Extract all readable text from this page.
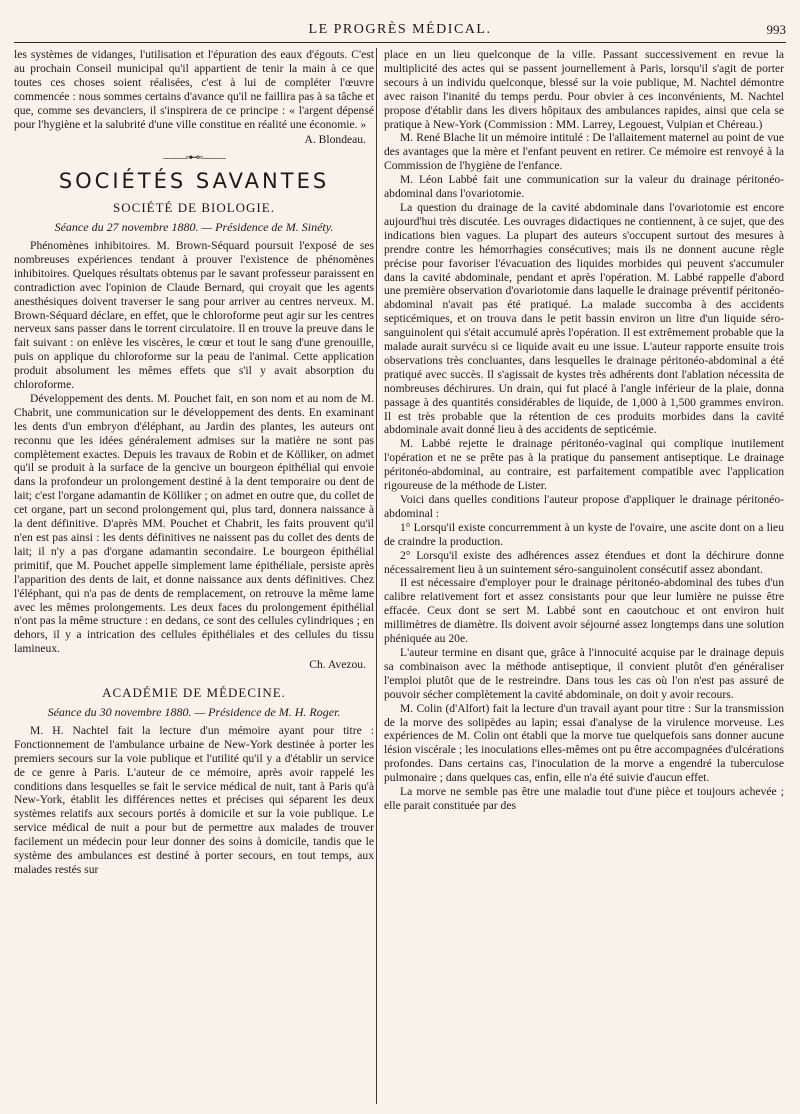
LE PROGRÈS MÉDICAL.	993

les systèmes de vidanges, l'utilisation et l'épuration des eaux d'égouts. C'est au prochain Conseil municipal qu'il appartient de tenir la main à ce que toutes ces choses soient réalisées, c'est à lui de compléter l'œuvre commencée : nous sommes certains d'avance qu'il ne faillira pas à sa tâche et que, comme ses devanciers, il s'inspirera de ce principe : « l'argent dépensé pour l'hygiène et la salubrité d'une ville constitue en réalité une économie. »

A. Blondeau.
——◦⊷◦——
SOCIÉTÉS SAVANTES
SOCIÉTÉ DE BIOLOGIE.
Séance du 27 novembre 1880. — Présidence de M. Sinéty.

Phénomènes inhibitoires. M. Brown-Séquard poursuit l'exposé de ses nombreuses expériences tendant à prouver l'existence de phénomènes inhibitoires. Quelques résultats obtenus par le savant professeur paraissent en contradiction avec l'opinion de Claude Bernard, qui croyait que les agents anesthésiques doivent traverser le sang pour arriver au centres nerveux. M. Brown-Séquard déclare, en effet, que le chloroforme peut agir sur les centres nerveux sans passer dans le torrent circulatoire. Il en trouve la preuve dans le fait suivant : on enlève les viscères, le cœur et tout le sang d'une grenouille, puis on applique du chloroforme sur la peau de l'animal. Cette application produit absolument les mêmes effets que s'il y avait absorption du chloroforme.

Développement des dents. M. Pouchet fait, en son nom et au nom de M. Chabrit, une communication sur le développement des dents. En examinant les dents d'un embryon d'éléphant, au Jardin des plantes, les auteurs ont reconnu que les idées généralement admises sur la matière ne sont pas complètement exactes. Depuis les travaux de Robin et de Kölliker, on admet qu'il se produit à la surface de la gencive un bourgeon épithélial qui envoie dans la profondeur un prolongement destiné à la dent temporaire ou dent de lait; c'est l'organe adamantin de Kölliker ; on admet en outre que, du collet de cet organe, part un second prolongement qui, plus tard, donnera naissance à la dent définitive. D'après MM. Pouchet et Chabrit, les faits prouvent qu'il n'en est pas ainsi : les dents définitives ne naissent pas du collet des dents de lait; il n'y a pas d'organe adamantin secondaire. Le bourgeon épithélial primitif, que M. Pouchet appelle simplement lame épithéliale, persiste après l'apparition des dents de lait, et donne naissance aux dents définitives. Chez l'éléphant, qui n'a pas de dents de remplacement, on retrouve la même lame avec les mêmes prolongements. Les deux faces du prolongement épithélial n'ont pas la même structure : en dedans, ce sont des cellules cylindriques ; en dehors, il y a intrication des cellules épithéliales et des cellules du tissu lamineux.

Ch. Avezou.
ACADÉMIE DE MÉDECINE.
Séance du 30 novembre 1880. — Présidence de M. H. Roger.

M. H. Nachtel fait la lecture d'un mémoire ayant pour titre : Fonctionnement de l'ambulance urbaine de New-York destinée à porter les premiers secours sur la voie publique et l'utilité qu'il y a d'établir un service de ce genre à Paris. L'auteur de ce mémoire, après avoir rappelé les conditions dans lesquelles se fait le service médical de nuit, tant à Paris qu'à New-York, établit les différences nettes et précises qui séparent les deux systèmes relatifs aux secours portés à domicile et sur la voie publique. Le service médical de nuit a pour but de permettre aux malades de trouver facilement un médecin pour leur donner des soins à domicile, tandis que le système des ambulances est destiné à porter secours, en tout temps, aux malades restés sur

place en un lieu quelconque de la ville. Passant successivement en revue la multiplicité des actes qui se passent journellement à Paris, lorsqu'il s'agit de porter secours à un individu quelconque, blessé sur la voie publique, M. Nachtel démontre avec raison l'inanité du temps perdu. Pour obvier à ces inconvénients, M. Nachtel propose d'établir dans les divers hôpitaux des ambulances rapides, ainsi que cela se pratique à New-York (Commission : MM. Larrey, Legouest, Vulpian et Chéreau.)

M. René Blache lit un mémoire intitulé : De l'allaitement maternel au point de vue des avantages que la mère et l'enfant peuvent en retirer. Ce mémoire est renvoyé à la Commission de l'hygiène de l'enfance.

M. Léon Labbé fait une communication sur la valeur du drainage péritonéo-abdominal dans l'ovariotomie.

La question du drainage de la cavité abdominale dans l'ovariotomie est encore aujourd'hui très discutée. Les ouvrages didactiques ne contiennent, à ce sujet, que des indications bien vagues. La plupart des auteurs s'occupent surtout des mesures à prendre contre les hémorrhagies consécutives; mais ils ne donnent aucune règle précise pour favoriser l'évacuation des liquides morbides qui peuvent s'accumuler dans la cavité abdominale, pendant et après l'opération. M. Labbé rappelle d'abord une première observation d'ovariotomie dans laquelle le drainage préventif péritonéo-abdominal n'avait pas été pratiqué. La malade succomba à des accidents septicémiques, et on trouva dans le petit bassin environ un litre d'un liquide séro-sanguinolent qui s'était accumulé après l'opération. Il est extrêmement probable que la malade aurait survécu si ce liquide avait eu une issue. L'auteur rapporte ensuite trois observations très concluantes, dans lesquelles le drainage péritonéo-abdominal a été pratiqué avec succès. Il s'agissait de kystes très adhérents dont l'ablation nécessita de nombreuses déchirures. Un drain, qui fut placé à l'angle inférieur de la plaie, donna passage à des quantités considérables de liquide, de 1,000 à 1,500 grammes environ. Il est très probable que la rétention de ces produits morbides dans la cavité abdominale avait donné lieu à des accidents de septicémie.

M. Labbé rejette le drainage péritonéo-vaginal qui complique inutilement l'opération et ne se prête pas à la pratique du pansement antiseptique. Le drainage péritonéo-abdominal, au contraire, est parfaitement compatible avec l'application rigoureuse de la méthode de Lister.

Voici dans quelles conditions l'auteur propose d'appliquer le drainage péritonéo-abdominal :

1° Lorsqu'il existe concurremment à un kyste de l'ovaire, une ascite dont on a lieu de craindre la production.

2° Lorsqu'il existe des adhérences assez étendues et dont la déchirure donne nécessairement lieu à un suintement séro-sanguinolent consécutif assez abondant.

Il est nécessaire d'employer pour le drainage péritonéo-abdominal des tubes d'un calibre relativement fort et assez consistants pour que leur lumière ne puisse être effacée. Ceux dont se sert M. Labbé sont en caoutchouc et ont environ huit millimètres de diamètre. Ils doivent avoir séjourné assez longtemps dans une solution phéniquée au 20e.

L'auteur termine en disant que, grâce à l'innocuité acquise par le drainage depuis sa combinaison avec la méthode antiseptique, il convient plutôt d'en généraliser l'emploi plutôt que de le restreindre. Dans tous les cas où l'on n'est pas assuré de pouvoir sécher complètement la cavité abdominale, on doit y avoir recours.

M. Colin (d'Alfort) fait la lecture d'un travail ayant pour titre : Sur la transmission de la morve des solipèdes au lapin; essai d'analyse de la virulence morveuse. Les expériences de M. Colin ont établi que la morve tue quelquefois sans donner aucune lésion viscérale ; les inoculations elles-mêmes ont pu être accompagnées d'ulcérations profondes. Dans certains cas, l'inoculation de la morve a engendré la tuberculose pulmonaire ; dans quelques cas, enfin, elle n'a été suivie d'aucun effet.

La morve ne semble pas être une maladie tout d'une pièce et toujours achevée ; elle parait constituée par des
